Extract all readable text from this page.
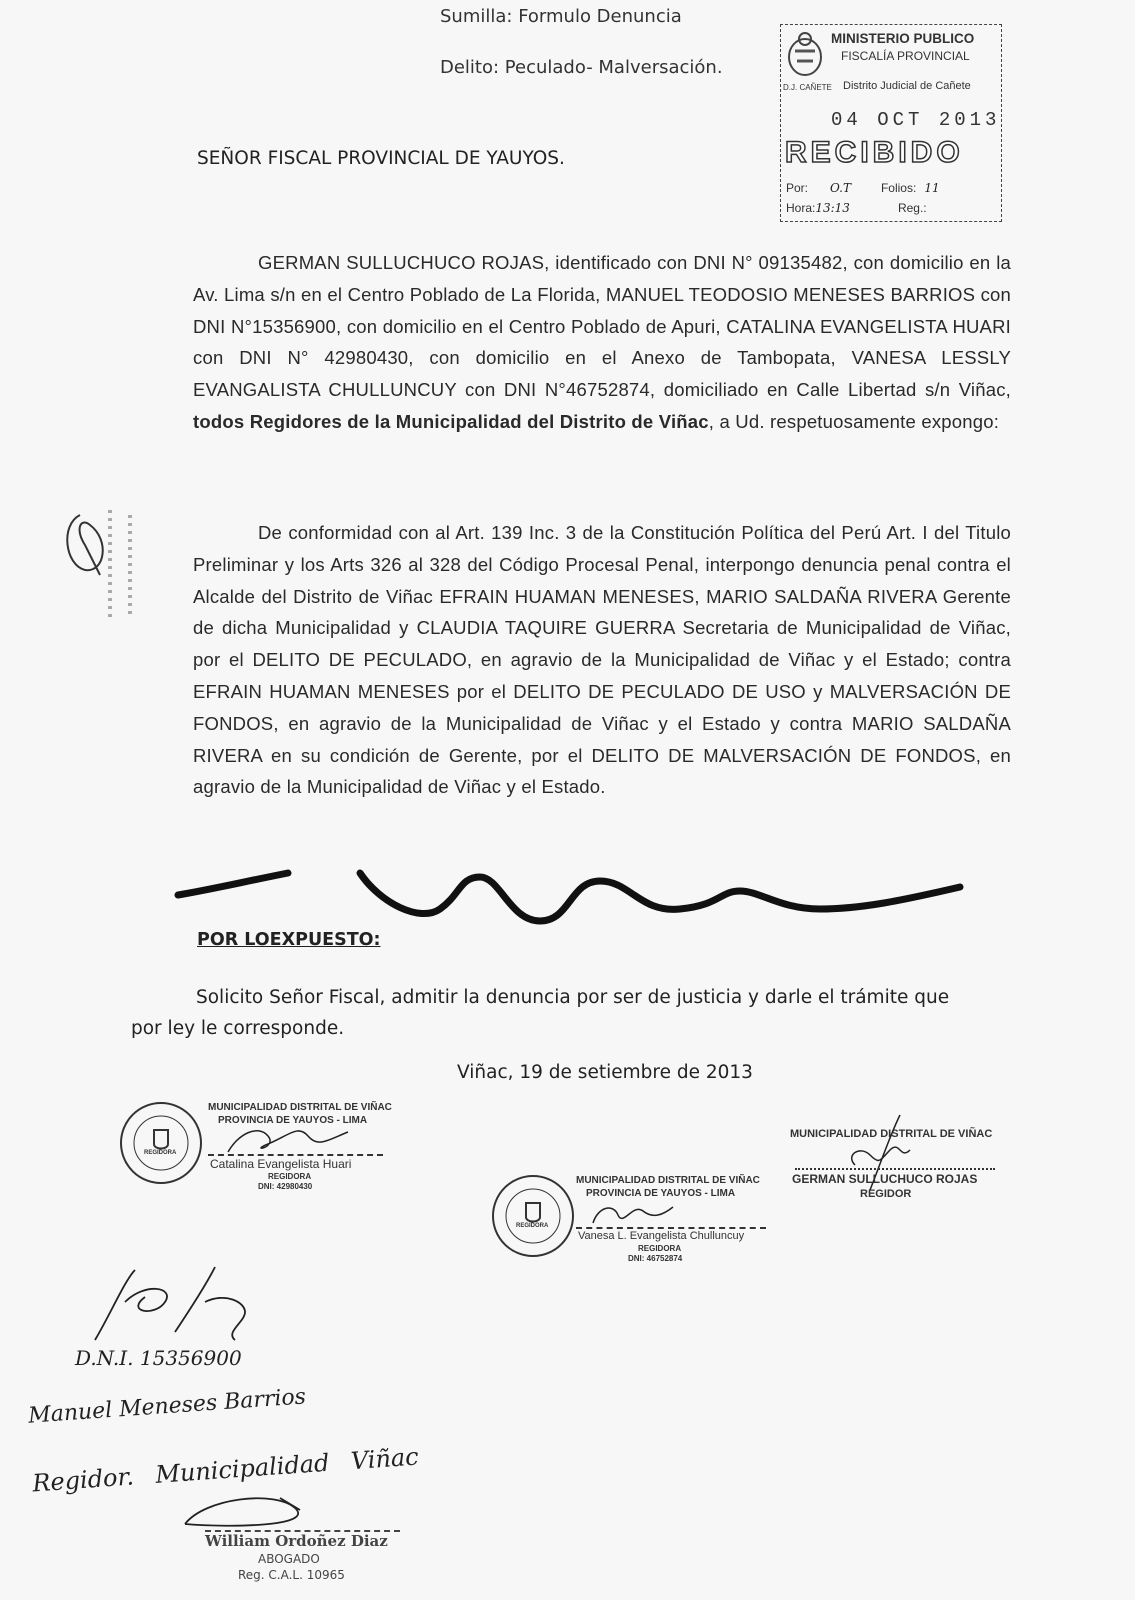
Sumilla: Formulo Denuncia
Delito: Peculado- Malversación.
MINISTERIO PUBLICO
FISCALÍA PROVINCIAL
D.J. CAÑETE Distrito Judicial de Cañete
04 OCT 2013
RECIBIDO
Por: O.T	Folios: 11
Hora:13:13	Reg.:
SEÑOR FISCAL PROVINCIAL DE YAUYOS.
GERMAN SULLUCHUCO ROJAS, identificado con DNI N° 09135482, con domicilio en la Av. Lima s/n en el Centro Poblado de La Florida, MANUEL TEODOSIO MENESES BARRIOS con DNI N°15356900, con domicilio en el Centro Poblado de Apuri, CATALINA EVANGELISTA HUARI con DNI N° 42980430, con domicilio en el Anexo de Tambopata, VANESA LESSLY EVANGALISTA CHULLUNCUY con DNI N°46752874, domiciliado en Calle Libertad s/n Viñac, todos Regidores de la Municipalidad del Distrito de Viñac, a Ud. respetuosamente expongo:
De conformidad con al Art. 139 Inc. 3 de la Constitución Política del Perú Art. I del Titulo Preliminar y los Arts 326 al 328 del Código Procesal Penal, interpongo denuncia penal contra el Alcalde del Distrito de Viñac EFRAIN HUAMAN MENESES, MARIO SALDAÑA RIVERA Gerente de dicha Municipalidad y CLAUDIA TAQUIRE GUERRA Secretaria de Municipalidad de Viñac, por el DELITO DE PECULADO, en agravio de la Municipalidad de Viñac y el Estado; contra EFRAIN HUAMAN MENESES por el DELITO DE PECULADO DE USO y MALVERSACIÓN DE FONDOS, en agravio de la Municipalidad de Viñac y el Estado y contra MARIO SALDAÑA RIVERA en su condición de Gerente, por el DELITO DE MALVERSACIÓN DE FONDOS, en agravio de la Municipalidad de Viñac y el Estado.
POR LOEXPUESTO:
Solicito Señor Fiscal, admitir la denuncia por ser de justicia y darle el trámite que por ley le corresponde.
Viñac, 19 de setiembre de 2013
REGIDORA
MUNICIPALIDAD DISTRITAL DE VIÑAC
PROVINCIA DE YAUYOS - LIMA
Catalina Evangelista Huari
REGIDORA
DNI: 42980430
REGIDORA
MUNICIPALIDAD DISTRITAL DE VIÑAC
PROVINCIA DE YAUYOS - LIMA
Vanesa L. Evangelista Chulluncuy
REGIDORA
DNI: 46752874
MUNICIPALIDAD DISTRITAL DE VIÑAC
GERMAN SULLUCHUCO ROJAS
REGIDOR
D.N.I. 15356900
Manuel Meneses Barrios
Regidor. Municipalidad Viñac
William Ordoñez Diaz
ABOGADO
Reg. C.A.L. 10965
